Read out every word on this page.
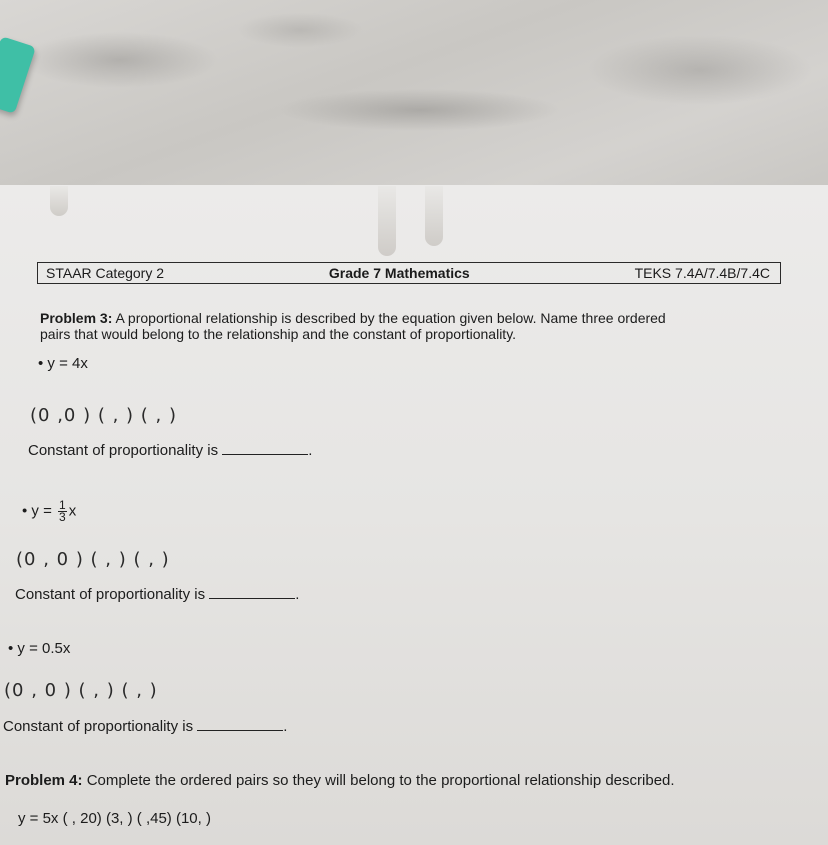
STAAR Category 2	Grade 7 Mathematics	TEKS 7.4A/7.4B/7.4C
Problem 3: A proportional relationship is described by the equation given below. Name three ordered
pairs that would belong to the relationship and the constant of proportionality.
• y = 4x
(0 ,0 ) ( , ) ( , )
Constant of proportionality is	.
• $y = \frac{1}{3}$ x
(0 , 0 ) ( , ) ( , )
Constant of proportionality is	.
• y = 0.5x
(0 , 0 ) ( , ) ( , )
Constant of proportionality is	.
Problem 4: Complete the ordered pairs so they will belong to the proportional relationship described.
y = 5x ( , 20) (3, ) ( ,45) (10, )
